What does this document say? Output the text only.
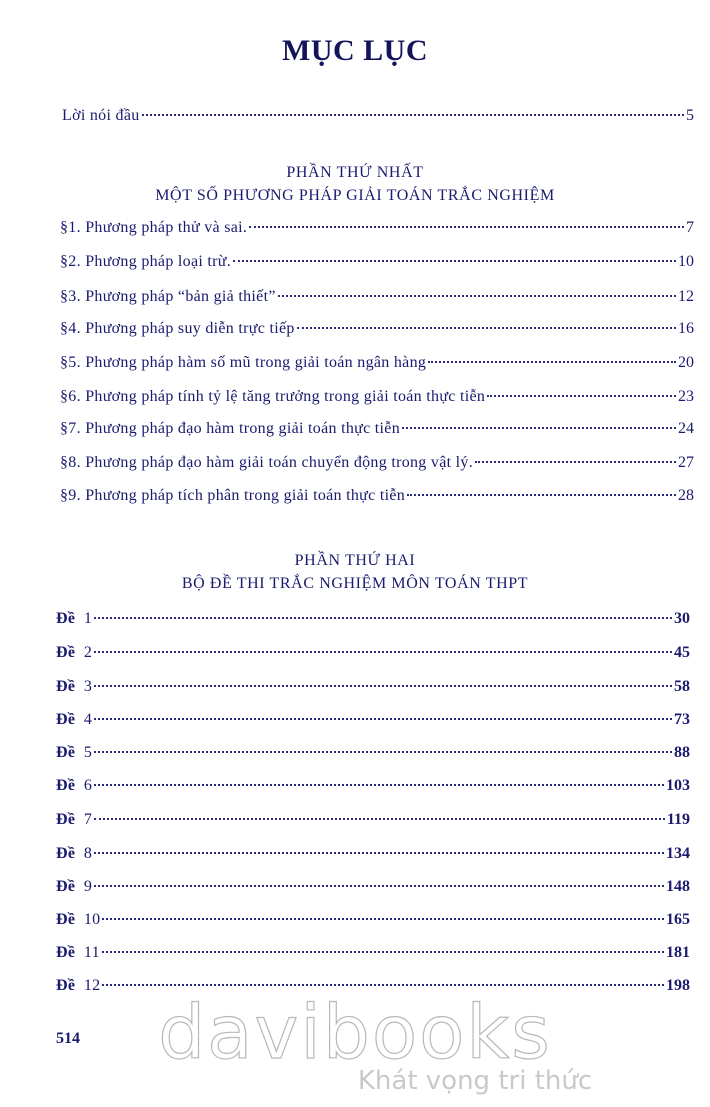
MỤC LỤC
Lời nói đầu	5
PHẦN THỨ NHẤT
MỘT SỐ PHƯƠNG PHÁP GIẢI TOÁN TRẮC NGHIỆM
§1. Phương pháp thử và sai.	7
§2. Phương pháp loại trừ.	10
§3. Phương pháp “bản giả thiết”	12
§4. Phương pháp suy diễn trực tiếp	16
§5. Phương pháp hàm số mũ trong giải toán ngân hàng	20
§6. Phương pháp tính tỷ lệ tăng trưởng trong giải toán thực tiễn	23
§7. Phương pháp đạo hàm trong giải toán thực tiễn	24
§8. Phương pháp đạo hàm giải toán chuyển động trong vật lý.	27
§9. Phương pháp tích phân trong giải toán thực tiễn	28
PHẦN THỨ HAI
BỘ ĐỀ THI TRẮC NGHIỆM MÔN TOÁN THPT
Đề 1	30
Đề 2	45
Đề 3	58
Đề 4	73
Đề 5	88
Đề 6	103
Đề 7	119
Đề 8	134
Đề 9	148
Đề 10	165
Đề 11	181
Đề 12	198
davibooks
Khát vọng tri thức
514
